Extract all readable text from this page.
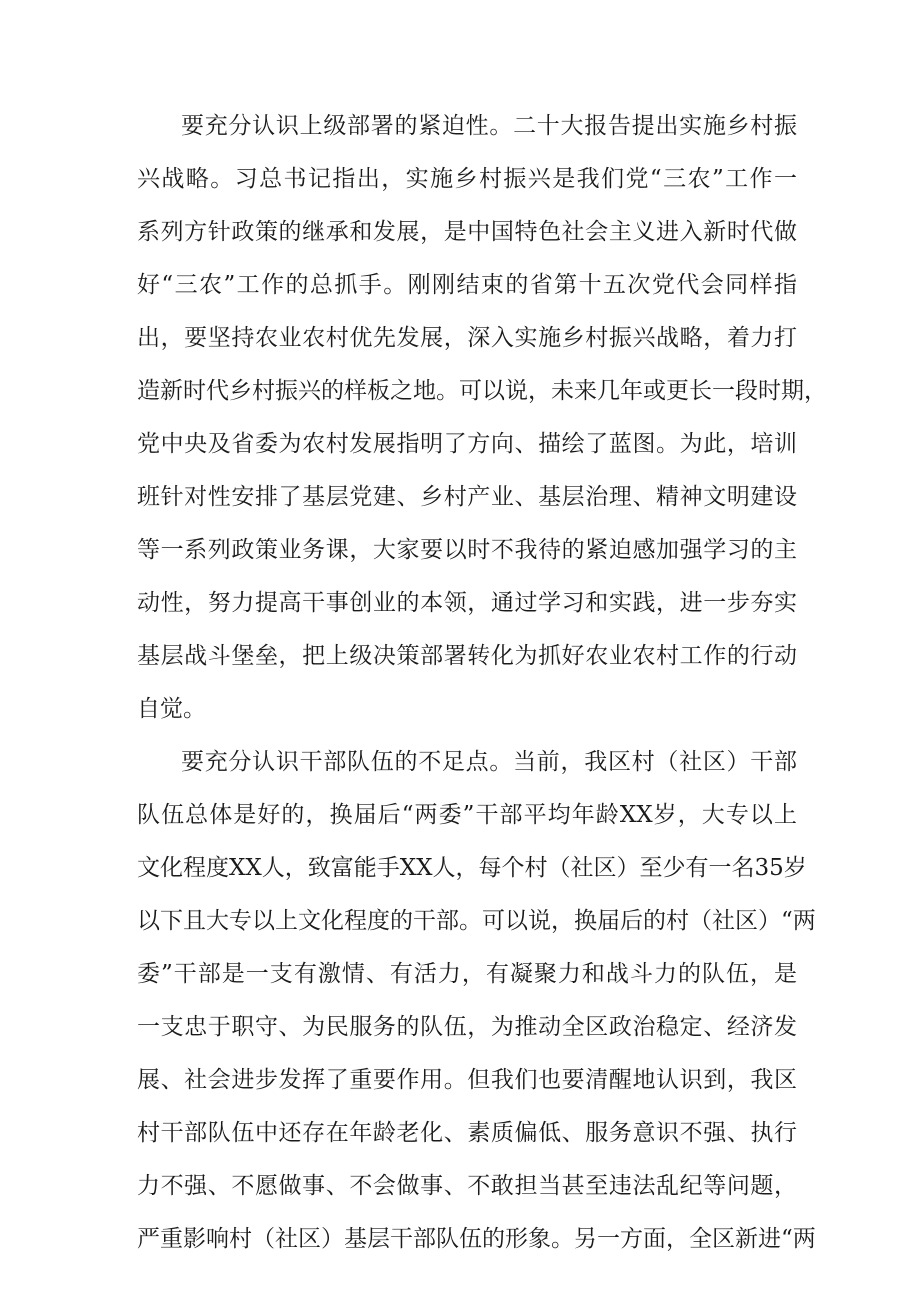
要充分认识上级部署的紧迫性。二十大报告提出实施乡村振
兴战略。习总书记指出，实施乡村振兴是我们党“三农”工作一
系列方针政策的继承和发展，是中国特色社会主义进入新时代做
好“三农”工作的总抓手。刚刚结束的省第十五次党代会同样指
出，要坚持农业农村优先发展，深入实施乡村振兴战略，着力打
造新时代乡村振兴的样板之地。可以说，未来几年或更长一段时期，
党中央及省委为农村发展指明了方向、描绘了蓝图。为此，培训
班针对性安排了基层党建、乡村产业、基层治理、精神文明建设
等一系列政策业务课，大家要以时不我待的紧迫感加强学习的主
动性，努力提高干事创业的本领，通过学习和实践，进一步夯实
基层战斗堡垒，把上级决策部署转化为抓好农业农村工作的行动
自觉。
要充分认识干部队伍的不足点。当前，我区村（社区）干部
队伍总体是好的，换届后“两委”干部平均年龄XX岁，大专以上
文化程度XX人，致富能手XX人，每个村（社区）至少有一名35岁
以下且大专以上文化程度的干部。可以说，换届后的村（社区）“两
委”干部是一支有激情、有活力，有凝聚力和战斗力的队伍，是
一支忠于职守、为民服务的队伍，为推动全区政治稳定、经济发
展、社会进步发挥了重要作用。但我们也要清醒地认识到，我区
村干部队伍中还存在年龄老化、素质偏低、服务意识不强、执行
力不强、不愿做事、不会做事、不敢担当甚至违法乱纪等问题，
严重影响村（社区）基层干部队伍的形象。另一方面，全区新进“两
